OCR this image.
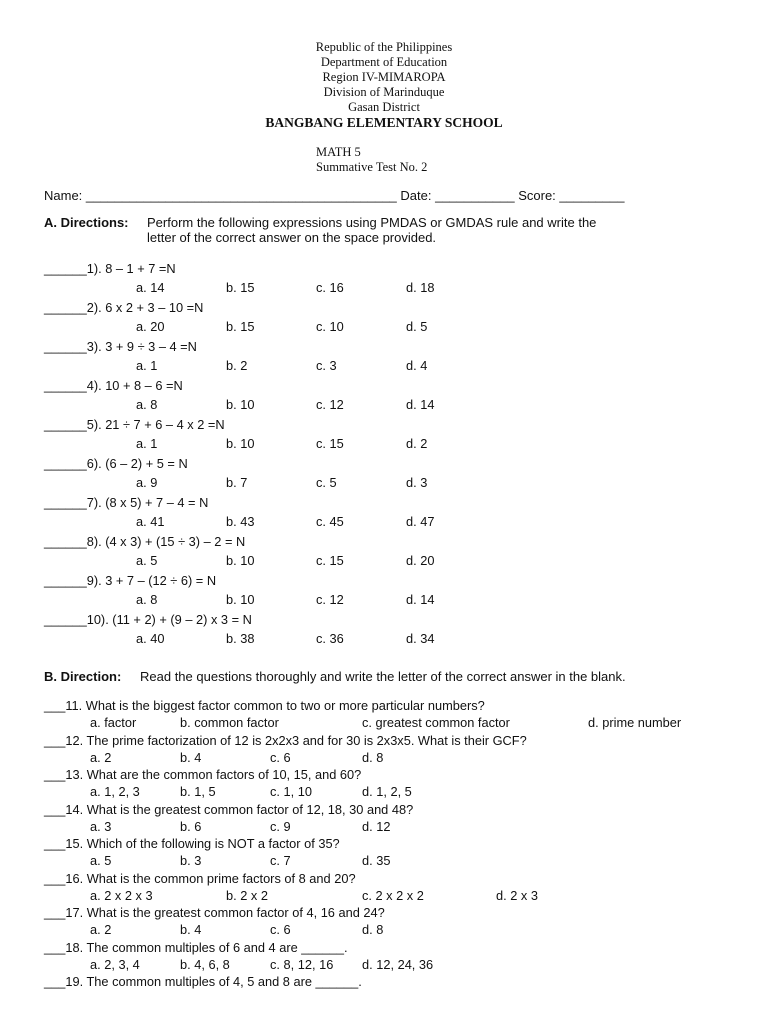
Republic of the Philippines
Department of Education
Region IV-MIMAROPA
Division of Marinduque
Gasan District
BANGBANG ELEMENTARY SCHOOL
MATH 5
Summative Test No. 2
Name: ___________________________________________ Date: ___________ Score: _________
A. Directions: Perform the following expressions using PMDAS or GMDAS rule and write the
letter of the correct answer on the space provided.
______1). 8 – 1 + 7 =N
a. 14	b. 15	c. 16	d. 18
______2). 6 x 2 + 3 – 10 =N
a. 20	b. 15	c. 10	d. 5
______3). 3 + 9 ÷ 3 – 4 =N
a. 1	b. 2	c. 3	d. 4
______4). 10 + 8 – 6 =N
a. 8	b. 10	c. 12	d. 14
______5). 21 ÷ 7 + 6 – 4 x 2 =N
a. 1	b. 10	c. 15	d. 2
______6). (6 – 2) + 5 = N
a. 9	b. 7	c. 5	d. 3
______7). (8 x 5) + 7 – 4 = N
a. 41	b. 43	c. 45	d. 47
______8). (4 x 3) + (15 ÷ 3) – 2 = N
a. 5	b. 10	c. 15	d. 20
______9). 3 + 7 – (12 ÷ 6) = N
a. 8	b. 10	c. 12	d. 14
______10). (11 + 2) + (9 – 2) x 3 = N
a. 40	b. 38	c. 36	d. 34
B. Direction: Read the questions thoroughly and write the letter of the correct answer in the blank.
___11. What is the biggest factor common to two or more particular numbers?
a. factor	b. common factor	c. greatest common factor	d. prime number
___12. The prime factorization of 12 is 2x2x3 and for 30 is 2x3x5. What is their GCF?
a. 2	b. 4	c. 6	d. 8
___13. What are the common factors of 10, 15, and 60?
a. 1, 2, 3	b. 1, 5	c. 1, 10	d. 1, 2, 5
___14. What is the greatest common factor of 12, 18, 30 and 48?
a. 3	b. 6	c. 9	d. 12
___15. Which of the following is NOT a factor of 35?
a. 5	b. 3	c. 7	d. 35
___16. What is the common prime factors of 8 and 20?
a. 2 x 2 x 3	b. 2 x 2	c. 2 x 2 x 2	d. 2 x 3
___17. What is the greatest common factor of 4, 16 and 24?
a. 2	b. 4	c. 6	d. 8
___18. The common multiples of 6 and 4 are ______.
a. 2, 3, 4	b. 4, 6, 8	c. 8, 12, 16 d. 12, 24, 36
___19. The common multiples of 4, 5 and 8 are ______.
